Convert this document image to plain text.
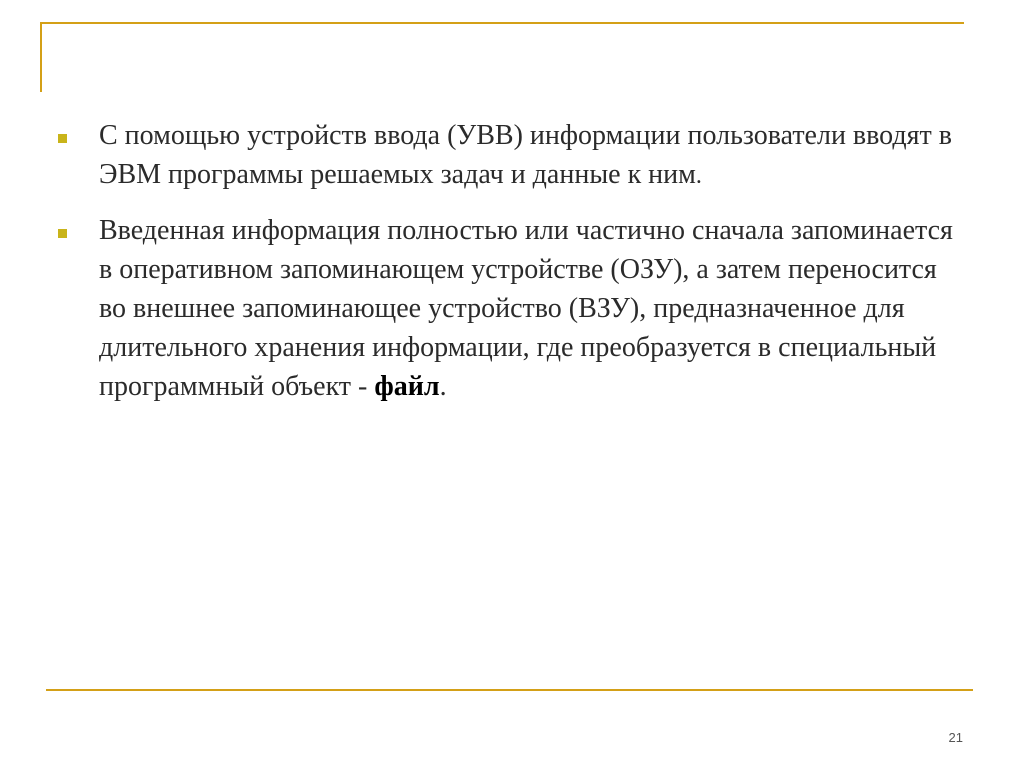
С помощью устройств ввода (УВВ) информации пользователи вводят в ЭВМ программы решаемых задач и данные к ним.
Введенная информация полностью или частично сначала запоминается в оперативном запоминающем устройстве (ОЗУ), а затем переносится во внешнее запоминающее устройство (ВЗУ), предназначенное для длительного хранения информации, где преобразуется в специальный программный объект - файл.
21
